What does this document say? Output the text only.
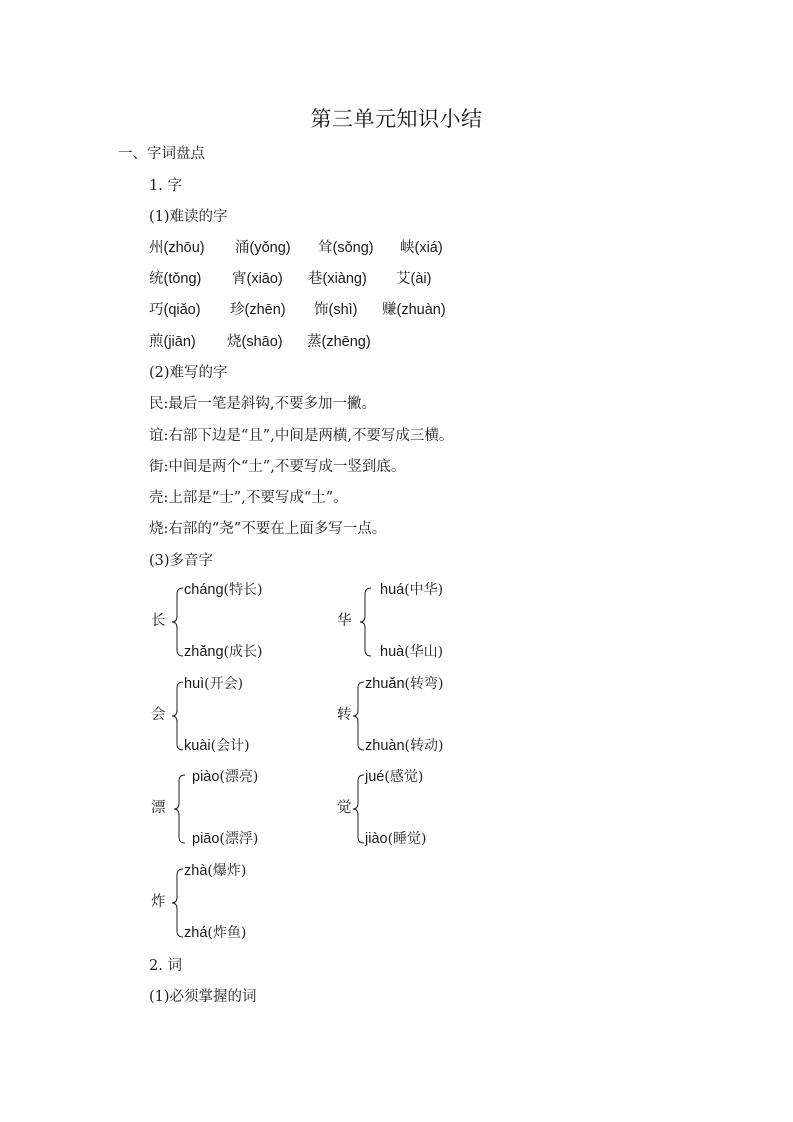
第三单元知识小结
一、字词盘点
1. 字
(1)难读的字
州(zhōu) 涌(yǒng) 耸(sǒng) 峡(xiá)
统(tǒng) 宵(xiāo) 巷(xiàng) 艾(ài)
巧(qiǎo) 珍(zhēn) 饰(shì) 赚(zhuàn)
煎(jiān) 烧(shāo) 蒸(zhēng)
(2)难写的字
民:最后一笔是斜钩,不要多加一撇。
谊:右部下边是“且”,中间是两横,不要写成三横。
街:中间是两个“土”,不要写成一竖到底。
壳:上部是“士”,不要写成“土”。
烧:右部的“尧”不要在上面多写一点。
(3)多音字
长
cháng(特长)
zhǎng(成长)
华
huá(中华)
huà(华山)
会
huì(开会)
kuài(会计)
转
zhuǎn(转弯)
zhuàn(转动)
漂
piào(漂亮)
piāo(漂浮)
觉
jué(感觉)
jiào(睡觉)
炸
zhà(爆炸)
zhá(炸鱼)
2. 词
(1)必须掌握的词
